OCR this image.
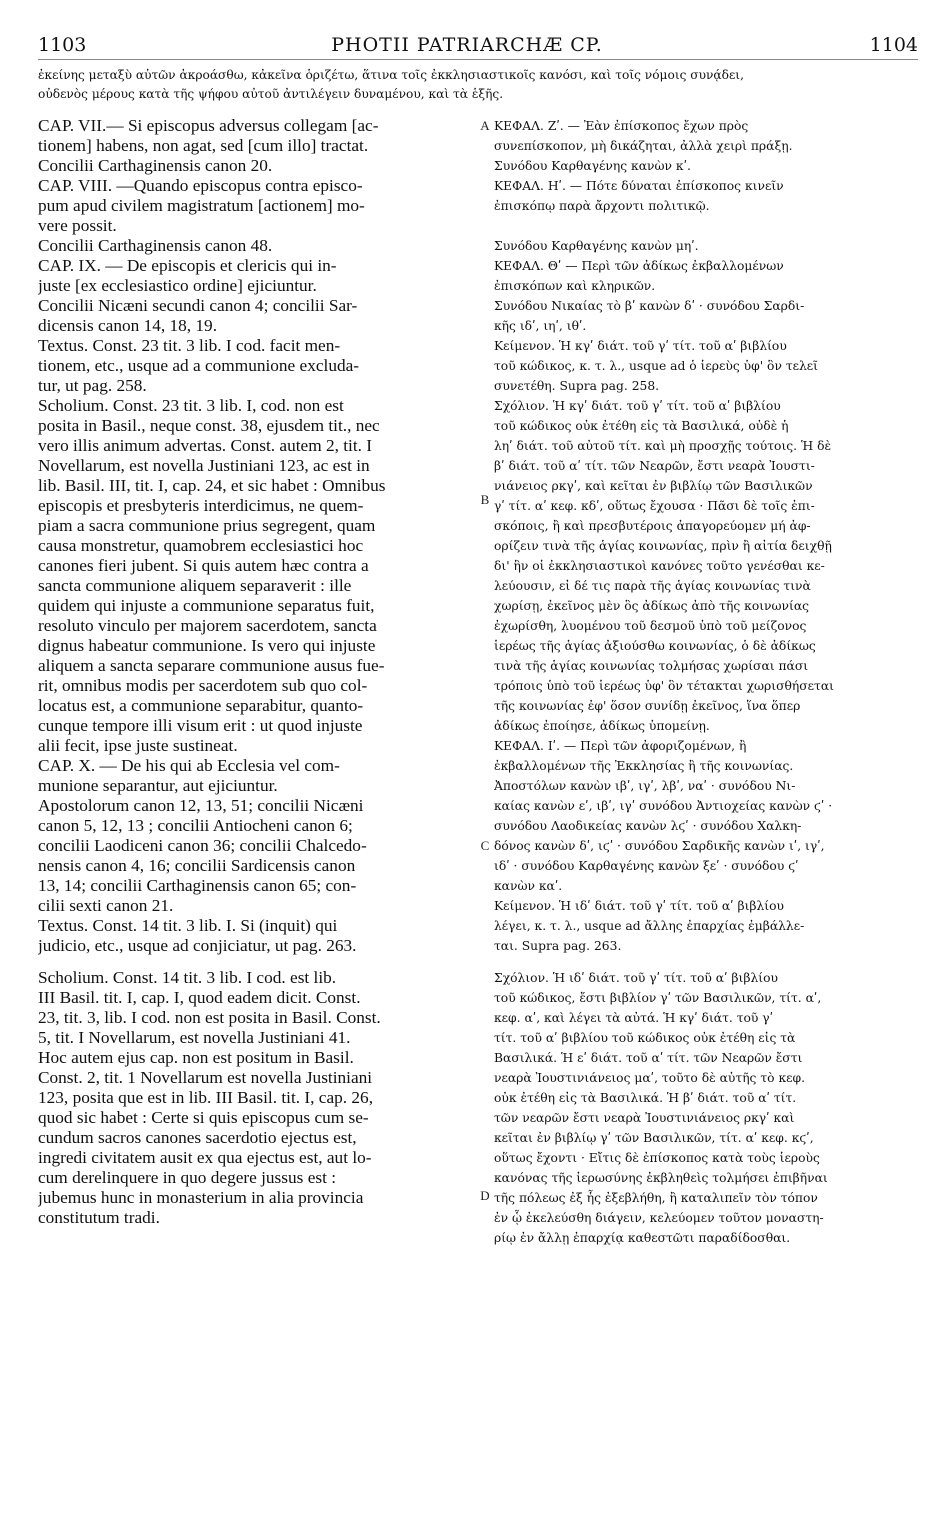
1103	PHOTII PATRIARCHÆ CP.	1104
ἐκείνης μεταξὺ αὐτῶν ἀκροάσθω, κἀκεῖνα ὁριζέτω, ἅτινα τοῖς ἐκκλησιαστικοῖς κανόσι, καὶ τοῖς νόμοις συνᾴδει,
οὐδενὸς μέρους κατὰ τῆς ψήφου αὐτοῦ ἀντιλέγειν δυναμένου, καὶ τὰ ἑξῆς.
A
B
C
D
CAP. VII.— Si episcopus adversus collegam [ac-
tionem] habens, non agat, sed [cum illo] tractat.
Concilii Carthaginensis canon 20.
CAP. VIII. —Quando episcopus contra episco-
pum apud civilem magistratum [actionem] mo-
vere possit.
Concilii Carthaginensis canon 48.
CAP. IX. — De episcopis et clericis qui in-
juste [ex ecclesiastico ordine] ejiciuntur.
Concilii Nicæni secundi canon 4; concilii Sar-
dicensis canon 14, 18, 19.
Textus. Const. 23 tit. 3 lib. I cod. facit men-
tionem, etc., usque ad a communione excluda-
tur, ut pag. 258.
Scholium. Const. 23 tit. 3 lib. I, cod. non est
posita in Basil., neque const. 38, ejusdem tit., nec
vero illis animum advertas. Const. autem 2, tit. I
Novellarum, est novella Justiniani 123, ac est in
lib. Basil. III, tit. I, cap. 24, et sic habet : Omnibus
episcopis et presbyteris interdicimus, ne quem-
piam a sacra communione prius segregent, quam
causa monstretur, quamobrem ecclesiastici hoc
canones fieri jubent. Si quis autem hæc contra a
sancta communione aliquem separaverit : ille
quidem qui injuste a communione separatus fuit,
resoluto vinculo per majorem sacerdotem, sancta
dignus habeatur communione. Is vero qui injuste
aliquem a sancta separare communione ausus fue-
rit, omnibus modis per sacerdotem sub quo col-
locatus est, a communione separabitur, quanto-
cunque tempore illi visum erit : ut quod injuste
alii fecit, ipse juste sustineat.
CAP. X. — De his qui ab Ecclesia vel com-
munione separantur, aut ejiciuntur.
Apostolorum canon 12, 13, 51; concilii Nicæni
canon 5, 12, 13 ; concilii Antiocheni canon 6;
concilii Laodiceni canon 36; concilii Chalcedo-
nensis canon 4, 16; concilii Sardicensis canon
13, 14; concilii Carthaginensis canon 65; con-
cilii sexti canon 21.
Textus. Const. 14 tit. 3 lib. I. Si (inquit) qui
judicio, etc., usque ad conjiciatur, ut pag. 263.
Scholium. Const. 14 tit. 3 lib. I cod. est lib.
III Basil. tit. I, cap. I, quod eadem dicit. Const.
23, tit. 3, lib. I cod. non est posita in Basil. Const.
5, tit. I Novellarum, est novella Justiniani 41.
Hoc autem ejus cap. non est positum in Basil.
Const. 2, tit. 1 Novellarum est novella Justiniani
123, posita que est in lib. III Basil. tit. I, cap. 26,
quod sic habet : Certe si quis episcopus cum se-
cundum sacros canones sacerdotio ejectus est,
ingredi civitatem ausit ex qua ejectus est, aut lo-
cum derelinquere in quo degere jussus est :
jubemus hunc in monasterium in alia provincia
constitutum tradi.
ΚΕΦΑΛ. Ζʹ. — Ἐὰν ἐπίσκοπος ἔχων πρὸς
συνεπίσκοπον, μὴ δικάζηται, ἀλλὰ χειρὶ πράξῃ.
Συνόδου Καρθαγένης κανὼν κʹ.
ΚΕΦΑΛ. Ηʹ. — Πότε δύναται ἐπίσκοπος κινεῖν
ἐπισκόπῳ παρὰ ἄρχοντι πολιτικῷ.

Συνόδου Καρθαγένης κανὼν μηʹ.
ΚΕΦΑΛ. Θʹ — Περὶ τῶν ἀδίκως ἐκβαλλομένων
ἐπισκόπων καὶ κληρικῶν.
Συνόδου Νικαίας τὸ βʹ κανὼν δʹ · συνόδου Σαρδι-
κῆς ιδʹ, ιηʹ, ιθʹ.
Κείμενον. Ἡ κγʹ διάτ. τοῦ γʹ τίτ. τοῦ αʹ βιβλίου
τοῦ κώδικος, κ. τ. λ., usque ad ὁ ἱερεὺς ὑφ' ὃν τελεῖ
συνετέθη. Supra pag. 258.
Σχόλιον. Ἡ κγʹ διάτ. τοῦ γʹ τίτ. τοῦ αʹ βιβλίου
τοῦ κώδικος οὐκ ἐτέθη εἰς τὰ Βασιλικά, οὐδὲ ἡ
ληʹ διάτ. τοῦ αὐτοῦ τίτ. καὶ μὴ προσχῇς τούτοις. Ἡ δὲ
βʹ διάτ. τοῦ αʹ τίτ. τῶν Νεαρῶν, ἔστι νεαρὰ Ἰουστι-
νιάνειος ρκγʹ, καὶ κεῖται ἐν βιβλίῳ τῶν Βασιλικῶν
γʹ τίτ. αʹ κεφ. κδʹ, οὕτως ἔχουσα · Πᾶσι δὲ τοῖς ἐπι-
σκόποις, ἢ καὶ πρεσβυτέροις ἀπαγορεύομεν μή ἀφ-
ορίζειν τινὰ τῆς ἁγίας κοινωνίας, πρὶν ἢ αἰτία δειχθῇ
δι' ἣν οἱ ἐκκλησιαστικοὶ κανόνες τοῦτο γενέσθαι κε-
λεύουσιν, εἰ δέ τις παρὰ τῆς ἁγίας κοινωνίας τινὰ
χωρίσῃ, ἐκεῖνος μὲν ὃς ἀδίκως ἀπὸ τῆς κοινωνίας
ἐχωρίσθη, λυομένου τοῦ δεσμοῦ ὑπὸ τοῦ μείζονος
ἱερέως τῆς ἁγίας ἀξιούσθω κοινωνίας, ὁ δὲ ἀδίκως
τινὰ τῆς ἁγίας κοινωνίας τολμήσας χωρίσαι πάσι
τρόποις ὑπὸ τοῦ ἱερέως ὑφ' ὃν τέτακται χωρισθήσεται
τῆς κοινωνίας ἐφ' ὅσον συνίδῃ ἐκεῖνος, ἵνα ὅπερ
ἀδίκως ἐποίησε, ἀδίκως ὑπομείνῃ.
ΚΕΦΑΛ. Ιʹ. — Περὶ τῶν ἀφοριζομένων, ἢ
ἐκβαλλομένων τῆς Ἐκκλησίας ἢ τῆς κοινωνίας.
Ἀποστόλων κανὼν ιβʹ, ιγʹ, λβʹ, ναʹ · συνόδου Νι-
καίας κανὼν εʹ, ιβʹ, ιγʹ συνόδου Ἀντιοχείας κανὼν ϛʹ ·
συνόδου Λαοδικείας κανὼν λϛʹ · συνόδου Χαλκη-
δόνος κανὼν δʹ, ιϛʹ · συνόδου Σαρδικῆς κανὼν ιʹ, ιγʹ,
ιδʹ · συνόδου Καρθαγένης κανὼν ξεʹ · συνόδου ϛʹ
κανὼν καʹ.
Κείμενον. Ἡ ιδʹ διάτ. τοῦ γʹ τίτ. τοῦ αʹ βιβλίου
λέγει, κ. τ. λ., usque ad ἄλλης ἐπαρχίας ἐμβάλλε-
ται. Supra pag. 263.
Σχόλιον. Ἡ ιδʹ διάτ. τοῦ γʹ τίτ. τοῦ αʹ βιβλίου
τοῦ κώδικος, ἔστι βιβλίον γʹ τῶν Βασιλικῶν, τίτ. αʹ,
κεφ. αʹ, καὶ λέγει τὰ αὐτά. Ἡ κγʹ διάτ. τοῦ γʹ
τίτ. τοῦ αʹ βιβλίου τοῦ κώδικος οὐκ ἐτέθη εἰς τὰ
Βασιλικά. Ἡ εʹ διάτ. τοῦ αʹ τίτ. τῶν Νεαρῶν ἔστι
νεαρὰ Ἰουστινιάνειος μαʹ, τοῦτο δὲ αὐτῆς τὸ κεφ.
οὐκ ἐτέθη εἰς τὰ Βασιλικά. Ἡ βʹ διάτ. τοῦ αʹ τίτ.
τῶν νεαρῶν ἔστι νεαρὰ Ἰουστινιάνειος ρκγʹ καὶ
κεῖται ἐν βιβλίῳ γʹ τῶν Βασιλικῶν, τίτ. αʹ κεφ. κϛʹ,
οὕτως ἔχοντι · Εἴτις δὲ ἐπίσκοπος κατὰ τοὺς ἱεροὺς
κανόνας τῆς ἱερωσύνης ἐκβληθεὶς τολμήσει ἐπιβῆναι
τῆς πόλεως ἐξ ἧς ἐξεβλήθη, ἢ καταλιπεῖν τὸν τόπον
ἐν ᾧ ἐκελεύσθη διάγειν, κελεύομεν τοῦτον μοναστη-
ρίῳ ἐν ἄλλῃ ἐπαρχίᾳ καθεστῶτι παραδίδοσθαι.
